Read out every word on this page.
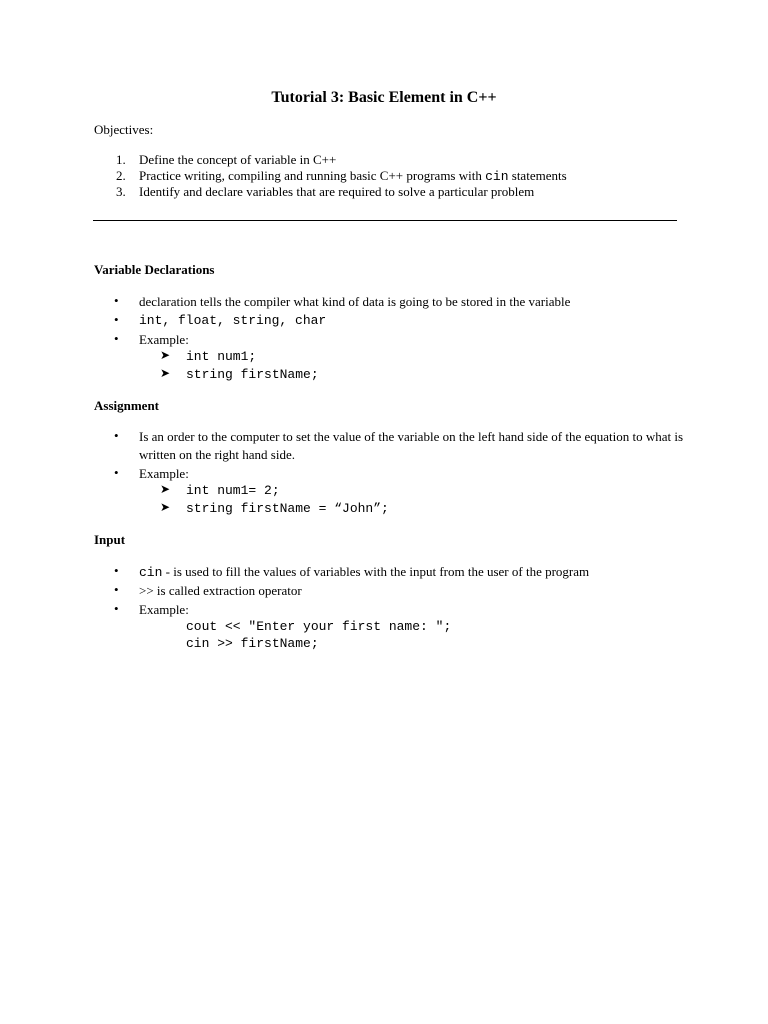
Tutorial 3: Basic Element in C++
Objectives:
1. Define the concept of variable in C++
2. Practice writing, compiling and running basic C++ programs with cin statements
3. Identify and declare variables that are required to solve a particular problem
Variable Declarations
• declaration tells the compiler what kind of data is going to be stored in the variable
• int, float, string, char
• Example:
➤ int num1;
➤ string firstName;
Assignment
• Is an order to the computer to set the value of the variable on the left hand side of the equation to what is written on the right hand side.
• Example:
➤ int num1= 2;
➤ string firstName = “John”;
Input
• cin - is used to fill the values of variables with the input from the user of the program
• >> is called extraction operator
• Example:
cout << "Enter your first name: ";
cin >> firstName;
